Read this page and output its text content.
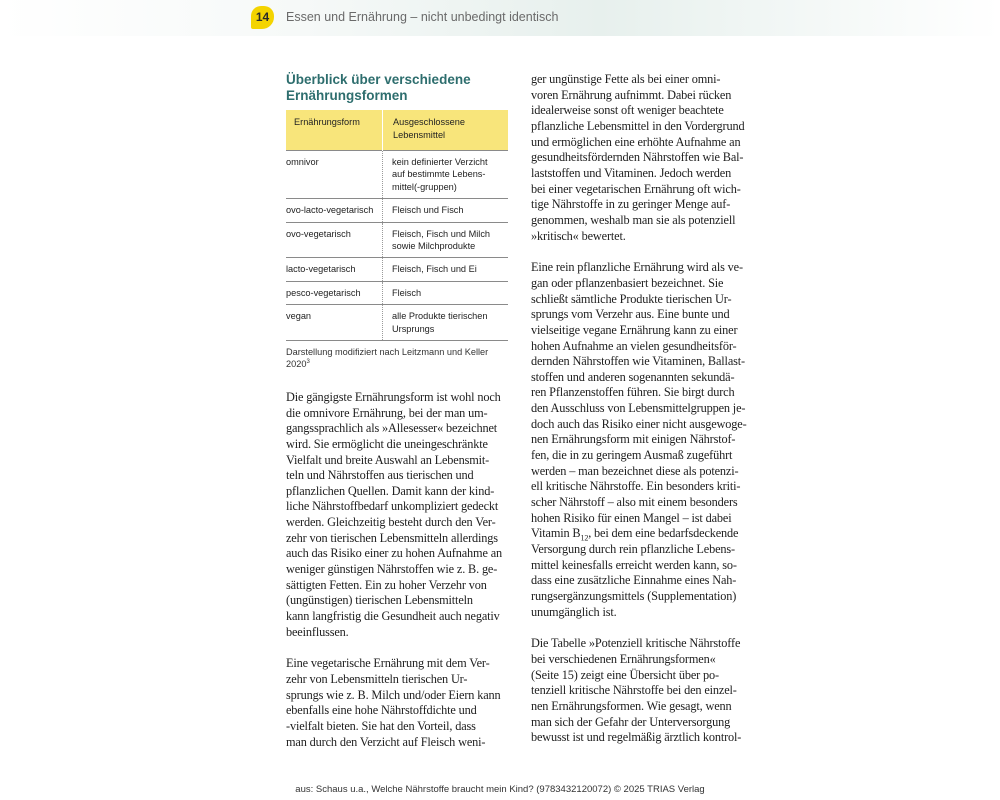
14	Essen und Ernährung – nicht unbedingt identisch
Überblick über verschiedene
Ernährungsformen
Ernährungsform	Ausgeschlossene
Lebensmittel

omnivor	kein definierter Verzicht
auf bestimmte Lebens-
mittel(-gruppen)
ovo-lacto-vegetarisch	Fleisch und Fisch
ovo-vegetarisch	Fleisch, Fisch und Milch
sowie Milchprodukte
lacto-vegetarisch	Fleisch, Fisch und Ei
pesco-vegetarisch	Fleisch
vegan	alle Produkte tierischen
Ursprungs
Darstellung modifiziert nach Leitzmann und Keller
2020$^3$

Die gängigste Ernährungsform ist wohl noch
die omnivore Ernährung, bei der man um-
gangssprachlich als »Allesesser« bezeichnet
wird. Sie ermöglicht die uneingeschränkte
Vielfalt und breite Auswahl an Lebensmit-
teln und Nährstoffen aus tierischen und
pflanzlichen Quellen. Damit kann der kind-
liche Nährstoffbedarf unkompliziert gedeckt
werden. Gleichzeitig besteht durch den Ver-
zehr von tierischen Lebensmitteln allerdings
auch das Risiko einer zu hohen Aufnahme an
weniger günstigen Nährstoffen wie z. B. ge-
sättigten Fetten. Ein zu hoher Verzehr von
(ungünstigen) tierischen Lebensmitteln
kann langfristig die Gesundheit auch negativ
beeinflussen.

Eine vegetarische Ernährung mit dem Ver-
zehr von Lebensmitteln tierischen Ur-
sprungs wie z. B. Milch und/oder Eiern kann
ebenfalls eine hohe Nährstoffdichte und
-vielfalt bieten. Sie hat den Vorteil, dass
man durch den Verzicht auf Fleisch weni-

ger ungünstige Fette als bei einer omni-
voren Ernährung aufnimmt. Dabei rücken
idealerweise sonst oft weniger beachtete
pflanzliche Lebensmittel in den Vordergrund
und ermöglichen eine erhöhte Aufnahme an
gesundheitsfördernden Nährstoffen wie Bal-
laststoffen und Vitaminen. Jedoch werden
bei einer vegetarischen Ernährung oft wich-
tige Nährstoffe in zu geringer Menge auf-
genommen, weshalb man sie als potenziell
»kritisch« bewertet.

Eine rein pflanzliche Ernährung wird als ve-
gan oder pflanzenbasiert bezeichnet. Sie
schließt sämtliche Produkte tierischen Ur-
sprungs vom Verzehr aus. Eine bunte und
vielseitige vegane Ernährung kann zu einer
hohen Aufnahme an vielen gesundheitsför-
dernden Nährstoffen wie Vitaminen, Ballast-
stoffen und anderen sogenannten sekundä-
ren Pflanzenstoffen führen. Sie birgt durch
den Ausschluss von Lebensmittelgruppen je-
doch auch das Risiko einer nicht ausgewoge-
nen Ernährungsform mit einigen Nährstof-
fen, die in zu geringem Ausmaß zugeführt
werden – man bezeichnet diese als potenzi-
ell kritische Nährstoffe. Ein besonders kriti-
scher Nährstoff – also mit einem besonders
hohen Risiko für einen Mangel – ist dabei
Vitamin $B_{12}$, bei dem eine bedarfsdeckende
Versorgung durch rein pflanzliche Lebens-
mittel keinesfalls erreicht werden kann, so-
dass eine zusätzliche Einnahme eines Nah-
rungsergänzungsmittels (Supplementation)
unumgänglich ist.

Die Tabelle »Potenziell kritische Nährstoffe
bei verschiedenen Ernährungsformen«
(Seite 15) zeigt eine Übersicht über po-
tenziell kritische Nährstoffe bei den einzel-
nen Ernährungsformen. Wie gesagt, wenn
man sich der Gefahr der Unterversorgung
bewusst ist und regelmäßig ärztlich kontrol-

aus: Schaus u.a., Welche Nährstoffe braucht mein Kind? (9783432120072) © 2025 TRIAS Verlag
